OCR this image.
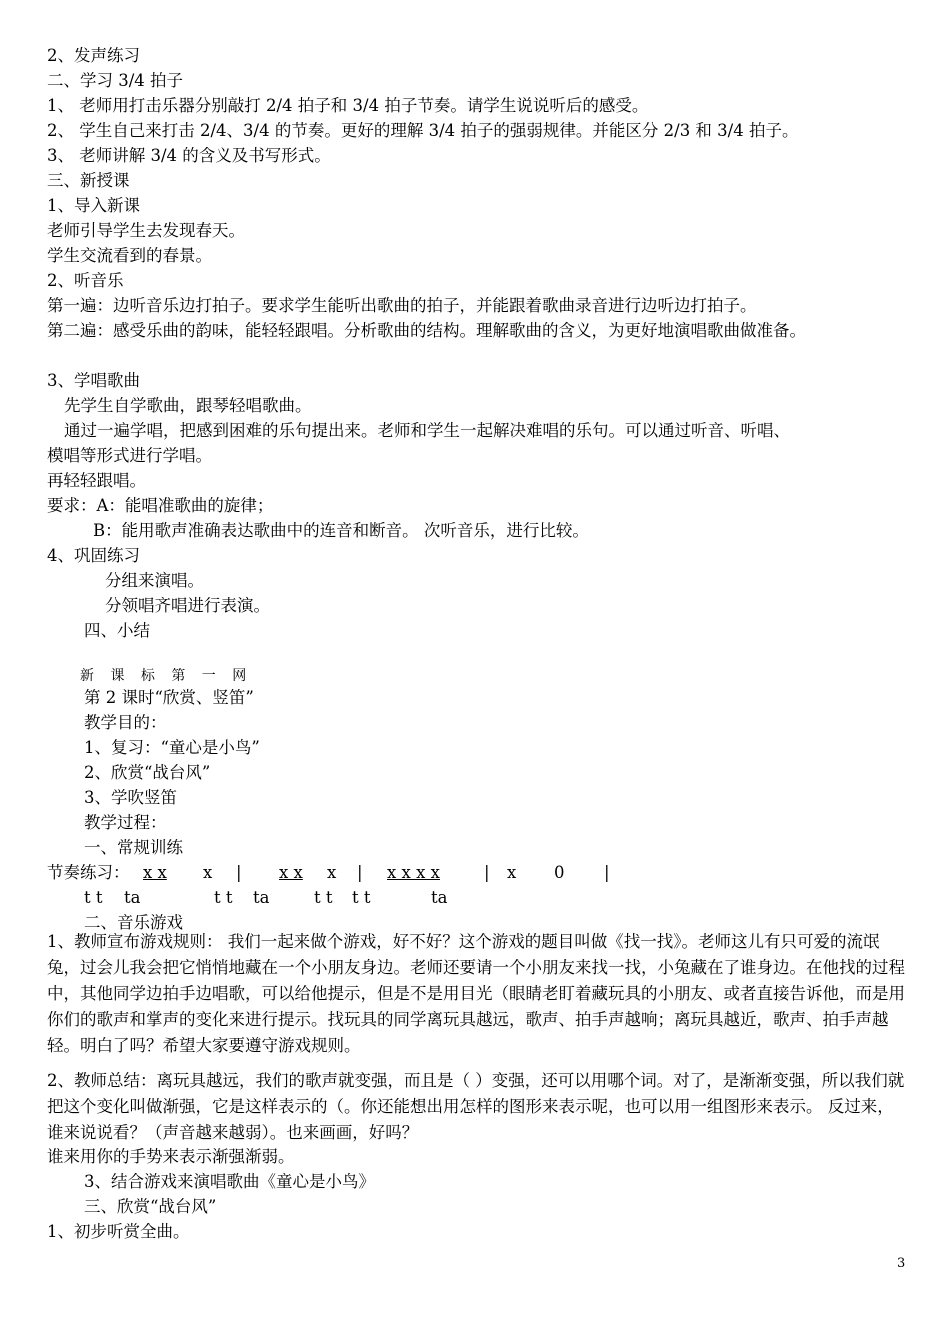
2、发声练习
二、学习 3/4 拍子
1、 老师用打击乐器分别敲打 2/4 拍子和 3/4 拍子节奏。请学生说说听后的感受。
2、 学生自己来打击 2/4、3/4 的节奏。更好的理解 3/4 拍子的强弱规律。并能区分 2/3 和 3/4 拍子。
3、 老师讲解 3/4 的含义及书写形式。
三、新授课
1、导入新课
老师引导学生去发现春天。
学生交流看到的春景。
2、听音乐
第一遍：边听音乐边打拍子。要求学生能听出歌曲的拍子，并能跟着歌曲录音进行边听边打拍子。
第二遍：感受乐曲的韵味，能轻轻跟唱。分析歌曲的结构。理解歌曲的含义，为更好地演唱歌曲做准备。
3、学唱歌曲
先学生自学歌曲，跟琴轻唱歌曲。
通过一遍学唱，把感到困难的乐句提出来。老师和学生一起解决难唱的乐句。可以通过听音、听唱、
模唱等形式进行学唱。
再轻轻跟唱。
要求：A：能唱准歌曲的旋律；
B：能用歌声准确表达歌曲中的连音和断音。 次听音乐，进行比较。
4、巩固练习
分组来演唱。
分领唱齐唱进行表演。
四、小结
新 课 标 第 一 网
第 2 课时“欣赏、竖笛”
教学目的：
1、复习：“童心是小鸟”
2、欣赏“战台风”
3、学吹竖笛
教学过程：
一、常规训练
节奏练习： x x x | x x x | x x x x	| x 0 |
t t ta	t t ta	t t t t	ta
二、音乐游戏
1、教师宣布游戏规则： 我们一起来做个游戏，好不好？这个游戏的题目叫做《找一找》。老师这儿有只可爱的流氓兔，过会儿我会把它悄悄地藏在一个小朋友身边。老师还要请一个小朋友来找一找，小兔藏在了谁身边。在他找的过程中，其他同学边拍手边唱歌，可以给他提示，但是不是用目光（眼睛老盯着藏玩具的小朋友、或者直接告诉他，而是用你们的歌声和掌声的变化来进行提示。找玩具的同学离玩具越远，歌声、拍手声越响；离玩具越近，歌声、拍手声越轻。明白了吗？希望大家要遵守游戏规则。
2、教师总结：离玩具越远，我们的歌声就变强，而且是（ ）变强，还可以用哪个词。对了，是渐渐变强，所以我们就把这个变化叫做渐强，它是这样表示的（。你还能想出用怎样的图形来表示呢，也可以用一组图形来表示。 反过来，谁来说说看？（声音越来越弱）。也来画画，好吗？
谁来用你的手势来表示渐强渐弱。
3、结合游戏来演唱歌曲《童心是小鸟》
三、欣赏“战台风”
1、初步听赏全曲。
3
